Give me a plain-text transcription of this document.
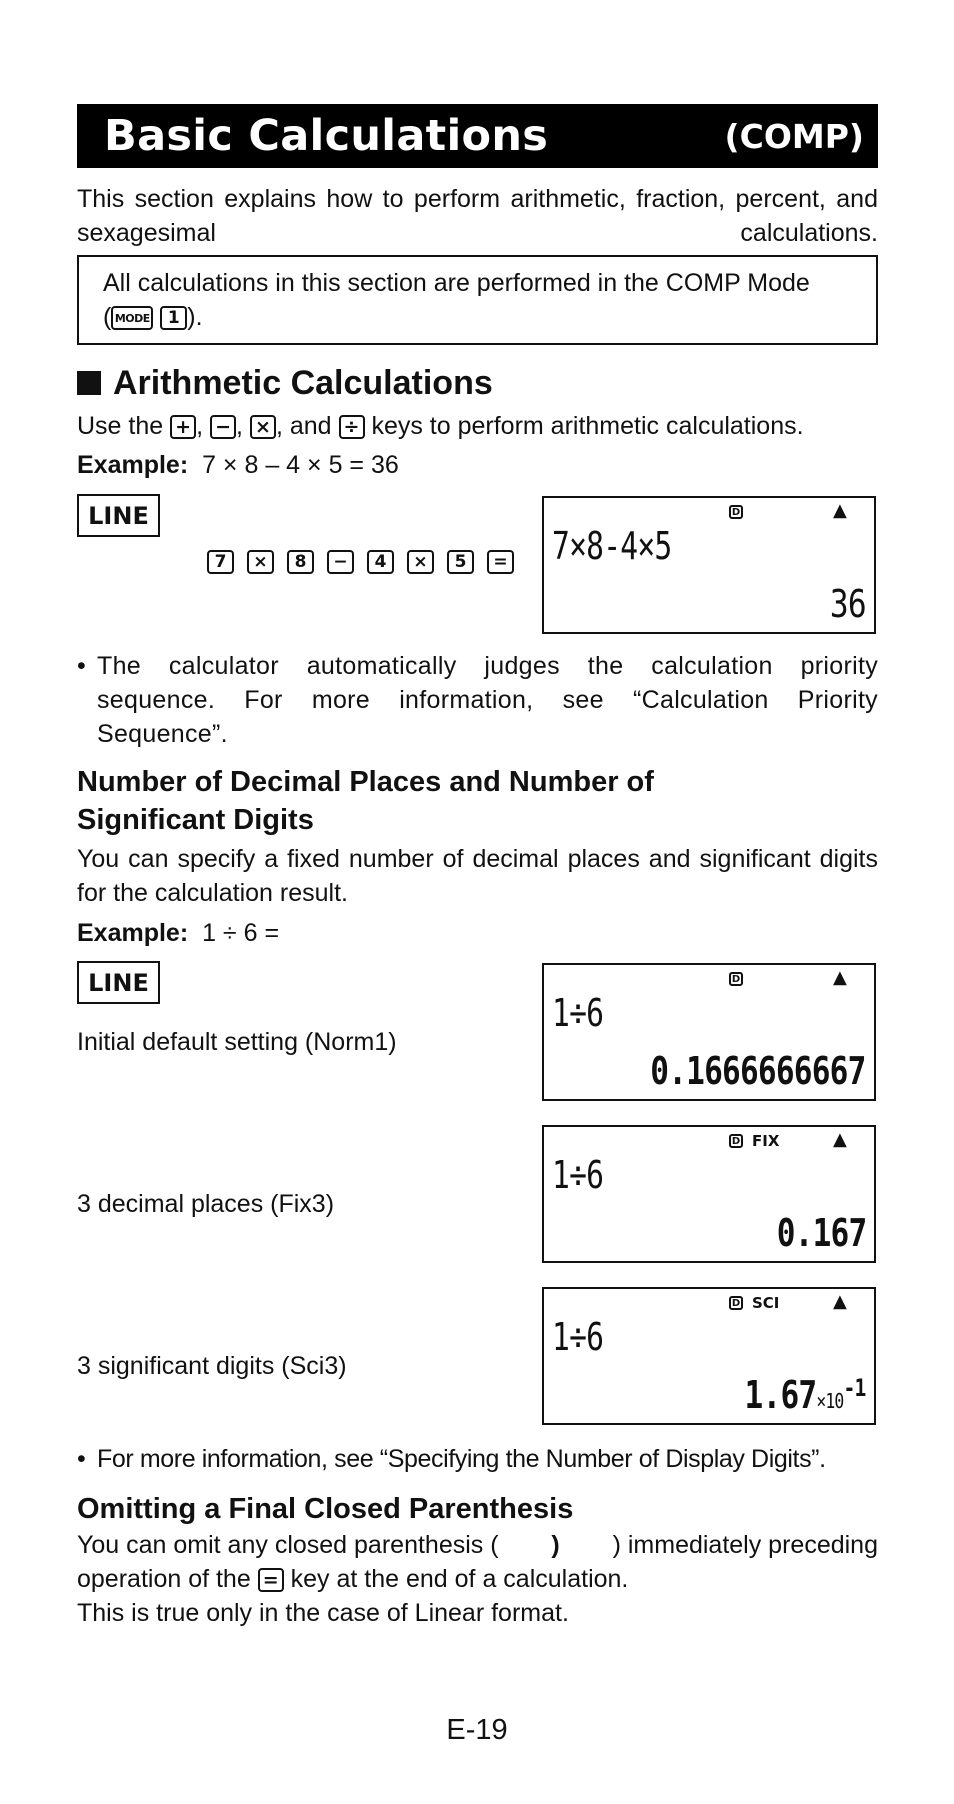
Basic Calculations	(COMP)
This section explains how to perform arithmetic, fraction, percent, and sexagesimal calculations.
All calculations in this section are performed in the COMP Mode
( MODE 1 ).
Arithmetic Calculations
Use the + , − , × , and ÷ keys to perform arithmetic calculations.
Example: 7 × 8 – 4 × 5 = 36
LINE
7	×	8	−	4	×	5	=
D	▲
7×8-4×5
36
• The calculator automatically judges the calculation priority sequence. For more information, see “Calculation Priority Sequence”.
Number of Decimal Places and Number of
Significant Digits
You can specify a fixed number of decimal places and significant digits for the calculation result.
Example: 1 ÷ 6 =
LINE
Initial default setting (Norm1)
D	▲
1÷6
0.1666666667
3 decimal places (Fix3)
D FIX	▲
1÷6
0.167
3 significant digits (Sci3)
D SCI	▲
1÷6
$1.67\times 10^{-1}$
• For more information, see “Specifying the Number of Display Digits”.
Omitting a Final Closed Parenthesis
You can omit any closed parenthesis ( ) ) immediately preceding
operation of the = key at the end of a calculation.
This is true only in the case of Linear format.
E-19
